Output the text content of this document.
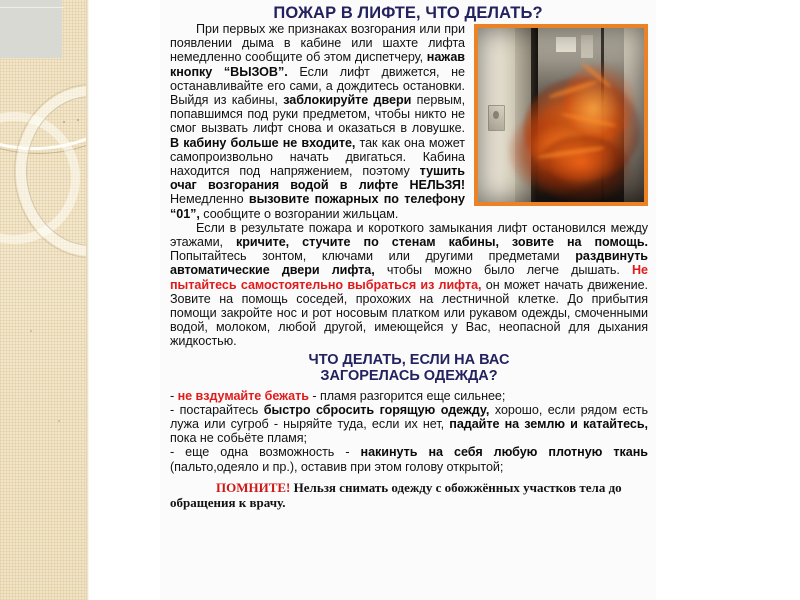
ПОЖАР В ЛИФТЕ, ЧТО ДЕЛАТЬ?

При первых же признаках возгорания или при появлении дыма в кабине или шахте лифта немедленно сообщите об этом диспетчеру, нажав кнопку “ВЫЗОВ”. Если лифт движется, не останавливайте его сами, а дождитесь остановки. Выйдя из кабины, заблокируйте двери первым, попавшимся под руки предметом, чтобы никто не смог вызвать лифт снова и оказаться в ловушке. В кабину больше не входите, так как она может самопроизвольно начать двигаться. Кабина находится под напряжением, поэтому тушить очаг возгорания водой в лифте НЕЛЬЗЯ! Немедленно вызовите пожарных по телефону “01”, сообщите о возгорании жильцам.

Если в результате пожара и короткого замыкания лифт остановился между этажами, кричите, стучите по стенам кабины, зовите на помощь. Попытайтесь зонтом, ключами или другими предметами раздвинуть автоматические двери лифта, чтобы можно было легче дышать. Не пытайтесь самостоятельно выбраться из лифта, он может начать движение. Зовите на помощь соседей, прохожих на лестничной клетке. До прибытия помощи закройте нос и рот носовым платком или рукавом одежды, смоченными водой, молоком, любой другой, имеющейся у Вас, неопасной для дыхания жидкостью.

ЧТО ДЕЛАТЬ, ЕСЛИ НА ВАС
ЗАГОРЕЛАСЬ ОДЕЖДА?

- не вздумайте бежать - пламя разгорится еще сильнее;

- постарайтесь быстро сбросить горящую одежду, хорошо, если рядом есть лужа или сугроб - ныряйте туда, если их нет, падайте на землю и катайтесь, пока не собьёте пламя;

- еще одна возможность - накинуть на себя любую плотную ткань (пальто,одеяло и пр.), оставив при этом голову открытой;

ПОМНИТЕ! Нельзя снимать одежду с обожжённых участков тела до обращения к врачу.
